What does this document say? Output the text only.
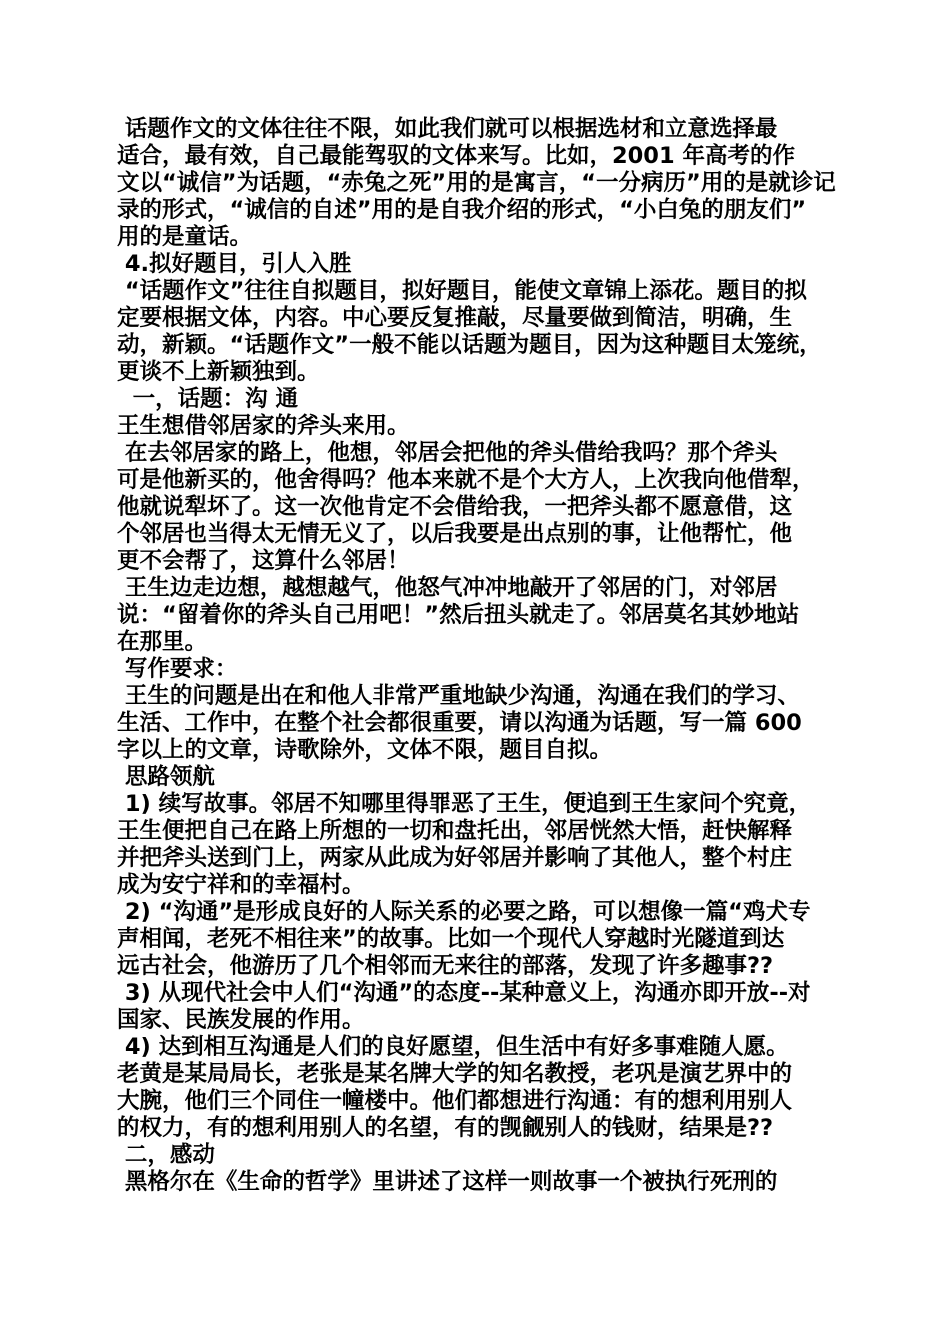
话题作文的文体往往不限，如此我们就可以根据选材和立意选择最
适合，最有效，自己最能驾驭的文体来写。比如，2001 年高考的作
文以“诚信”为话题，“赤兔之死”用的是寓言，“一分病历”用的是就诊记
录的形式，“诚信的自述”用的是自我介绍的形式，“小白兔的朋友们”
用的是童话。
4.拟好题目，引人入胜
“话题作文”往往自拟题目，拟好题目，能使文章锦上添花。题目的拟
定要根据文体，内容。中心要反复推敲，尽量要做到简洁，明确，生
动，新颖。“话题作文”一般不能以话题为题目，因为这种题目太笼统，
更谈不上新颖独到。
一，话题：沟 通
王生想借邻居家的斧头来用。
在去邻居家的路上，他想，邻居会把他的斧头借给我吗？那个斧头
可是他新买的，他舍得吗？他本来就不是个大方人，上次我向他借犁，
他就说犁坏了。这一次他肯定不会借给我，一把斧头都不愿意借，这
个邻居也当得太无情无义了，以后我要是出点别的事，让他帮忙，他
更不会帮了，这算什么邻居！
王生边走边想，越想越气，他怒气冲冲地敲开了邻居的门，对邻居
说：“留着你的斧头自己用吧！”然后扭头就走了。邻居莫名其妙地站
在那里。
写作要求：
王生的问题是出在和他人非常严重地缺少沟通，沟通在我们的学习、
生活、工作中，在整个社会都很重要，请以沟通为话题，写一篇 600
字以上的文章，诗歌除外，文体不限，题目自拟。
思路领航
1) 续写故事。邻居不知哪里得罪恶了王生，便追到王生家问个究竟，
王生便把自己在路上所想的一切和盘托出，邻居恍然大悟，赶快解释
并把斧头送到门上，两家从此成为好邻居并影响了其他人，整个村庄
成为安宁祥和的幸福村。
2) “沟通”是形成良好的人际关系的必要之路，可以想像一篇“鸡犬专
声相闻，老死不相往来”的故事。比如一个现代人穿越时光隧道到达
远古社会，他游历了几个相邻而无来往的部落，发现了许多趣事??
3) 从现代社会中人们“沟通”的态度--某种意义上，沟通亦即开放--对
国家、民族发展的作用。
4) 达到相互沟通是人们的良好愿望，但生活中有好多事难随人愿。
老黄是某局局长，老张是某名牌大学的知名教授，老巩是演艺界中的
大腕，他们三个同住一幢楼中。他们都想进行沟通：有的想利用别人
的权力，有的想利用别人的名望，有的觊觎别人的钱财，结果是??
二，感动
黑格尔在《生命的哲学》里讲述了这样一则故事一个被执行死刑的
